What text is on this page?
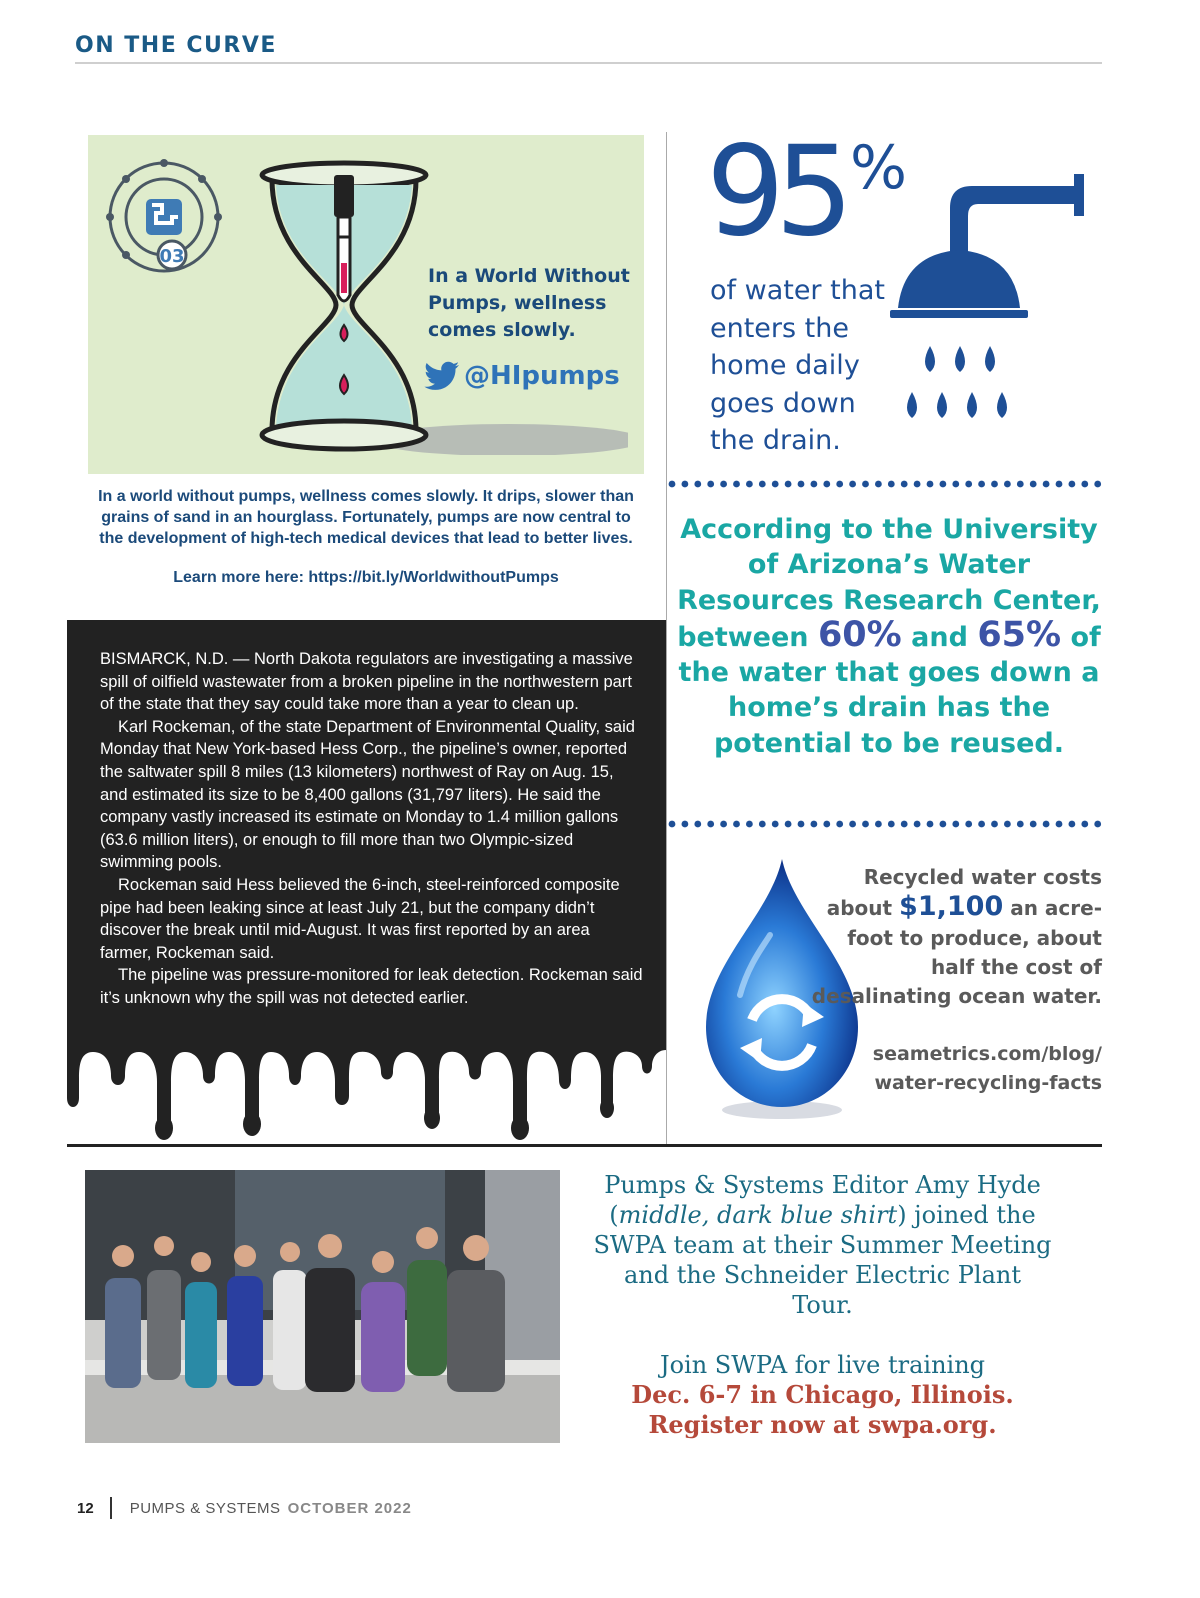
ON THE CURVE
03
In a World Without Pumps, wellness comes slowly.
@HIpumps
In a world without pumps, wellness comes slowly. It drips, slower than grains of sand in an hourglass. Fortunately, pumps are now central to the development of high-tech medical devices that lead to better lives.
Learn more here: https://bit.ly/WorldwithoutPumps

BISMARCK, N.D. — North Dakota regulators are investigating a massive spill of oilfield wastewater from a broken pipeline in the northwestern part of the state that they say could take more than a year to clean up.

Karl Rockeman, of the state Department of Environmental Quality, said Monday that New York-based Hess Corp., the pipeline’s owner, reported the saltwater spill 8 miles (13 kilometers) northwest of Ray on Aug. 15, and estimated its size to be 8,400 gallons (31,797 liters). He said the company vastly increased its estimate on Monday to 1.4 million gallons (63.6 million liters), or enough to fill more than two Olympic-sized swimming pools.

Rockeman said Hess believed the 6-inch, steel-reinforced composite pipe had been leaking since at least July 21, but the company didn’t discover the break until mid-August. It was first reported by an area farmer, Rockeman said.

The pipeline was pressure-monitored for leak detection. Rockeman said it’s unknown why the spill was not detected earlier.

95 %
of water that enters the home daily goes down the drain.
According to the University of Arizona’s Water Resources Research Center, between 60% and 65% of the water that goes down a home’s drain has the potential to be reused.
Recycled water costs about $1,100 an acre-foot to produce, about half the cost of desalinating ocean water.
seametrics.com/blog/
water-recycling-facts
Pumps & Systems Editor Amy Hyde (middle, dark blue shirt) joined the SWPA team at their Summer Meeting and the Schneider Electric Plant Tour.
Join SWPA for live training
Dec. 6-7 in Chicago, Illinois.
Register now at swpa.org.
12 PUMPS & SYSTEMS OCTOBER 2022
